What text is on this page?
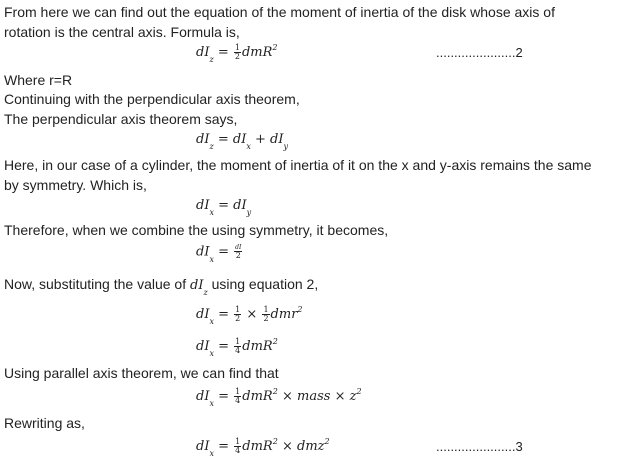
From here we can find out the equation of the moment of inertia of the disk whose axis of
rotation is the central axis. Formula is,
$dI_z = \frac{1}{2} dmR^2$	......................2
Where r=R
Continuing with the perpendicular axis theorem,
The perpendicular axis theorem says,
$dI_z = dI_x + dI_y$
Here, in our case of a cylinder, the moment of inertia of it on the x and y-axis remains the same
by symmetry. Which is,
$dI_x = dI_y$
Therefore, when we combine the using symmetry, it becomes,
$dI_x = \frac{dI}{2}$
Now, substituting the value of $dI_z$ using equation 2,
$dI_x = \frac{1}{2} \times \frac{1}{2} dmr^2$
$dI_x = \frac{1}{4} dmR^2$
Using parallel axis theorem, we can find that
$dI_x = \frac{1}{4} dmR^2$ × mass × $z^2$
Rewriting as,
$dI_x = \frac{1}{4} dmR^2 \times dmz^2$	......................3
